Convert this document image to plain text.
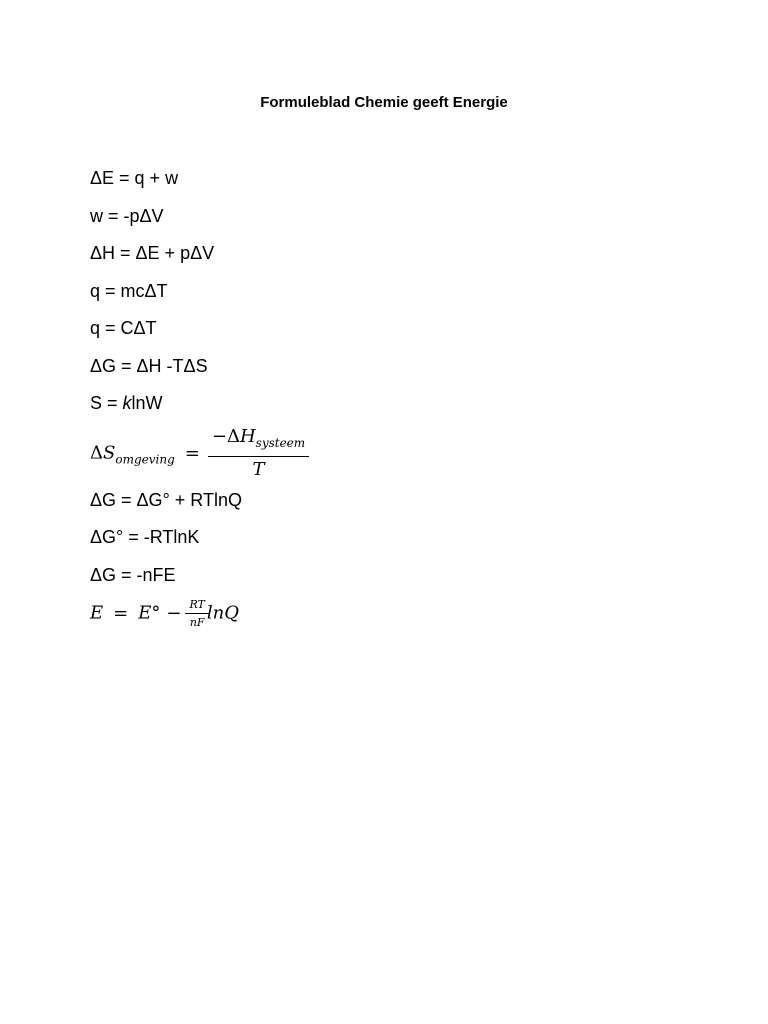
Formuleblad Chemie geeft Energie
ΔE = q + w
w = -pΔV
ΔH = ΔE + pΔV
q = mcΔT
q = CΔT
ΔG = ΔH -TΔS
S = klnW
$\Delta S_{omgeving} = \frac{-\Delta H_{systeem}}{T}$
ΔG = ΔG° + RTlnQ
ΔG° = -RTlnK
ΔG = -nFE
$E = E^\circ - \frac{RT}{nF}$ lnQ
